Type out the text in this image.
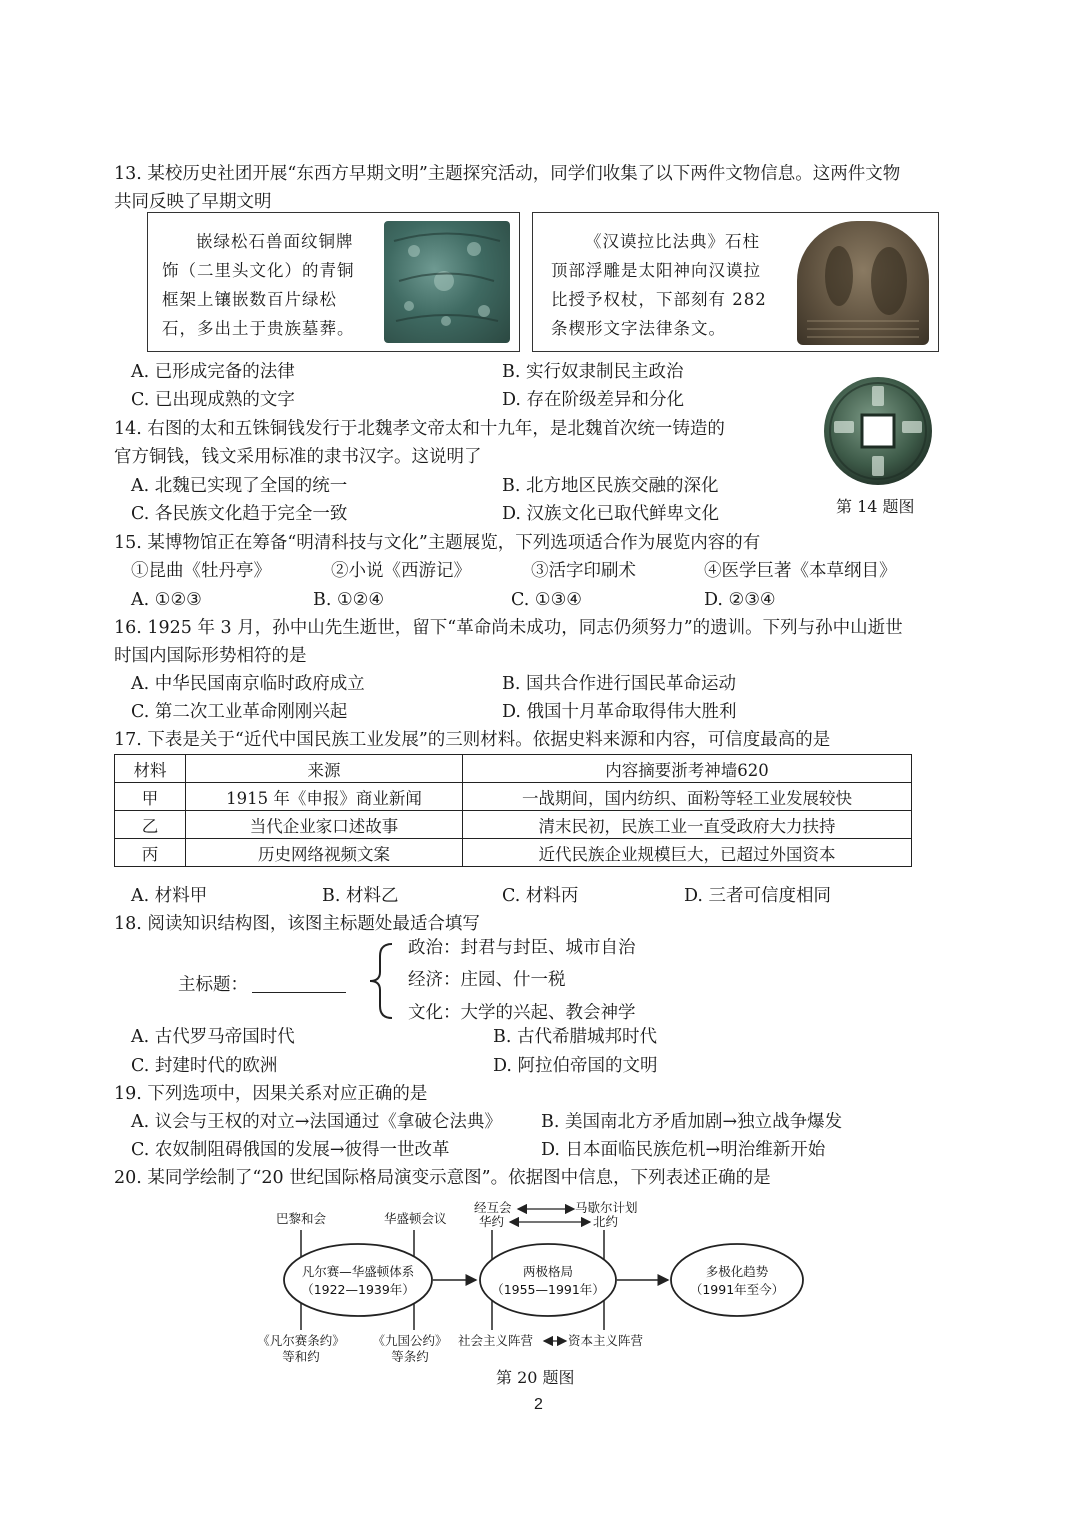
13. 某校历史社团开展“东西方早期文明”主题探究活动，同学们收集了以下两件文物信息。这两件文物
共同反映了早期文明
嵌绿松石兽面纹铜牌
饰（二里头文化）的青铜
框架上镶嵌数百片绿松
石，多出土于贵族墓葬。
《汉谟拉比法典》石柱
顶部浮雕是太阳神向汉谟拉
比授予权杖，下部刻有 282
条楔形文字法律条文。
A. 已形成完备的法律	B. 实行奴隶制民主政治
C. 已出现成熟的文字	D. 存在阶级差异和分化
14. 右图的太和五铢铜钱发行于北魏孝文帝太和十九年，是北魏首次统一铸造的
官方铜钱，钱文采用标准的隶书汉字。这说明了
A. 北魏已实现了全国的统一	B. 北方地区民族交融的深化
C. 各民族文化趋于完全一致	D. 汉族文化已取代鲜卑文化	第 14 题图
15. 某博物馆正在筹备“明清科技与文化”主题展览，下列选项适合作为展览内容的有
①昆曲《牡丹亭》	②小说《西游记》	③活字印刷术	④医学巨著《本草纲目》
A. ①②③	B. ①②④	C. ①③④	D. ②③④
16. 1925 年 3 月，孙中山先生逝世，留下“革命尚未成功，同志仍须努力”的遗训。下列与孙中山逝世
时国内国际形势相符的是
A. 中华民国南京临时政府成立	B. 国共合作进行国民革命运动
C. 第二次工业革命刚刚兴起	D. 俄国十月革命取得伟大胜利
17. 下表是关于“近代中国民族工业发展”的三则材料。依据史料来源和内容，可信度最高的是
材料	来源	内容摘要浙考神墙620
甲	1915 年《申报》商业新闻	一战期间，国内纺织、面粉等轻工业发展较快
乙	当代企业家口述故事	清末民初，民族工业一直受政府大力扶持
丙	历史网络视频文案	近代民族企业规模巨大，已超过外国资本
A. 材料甲	B. 材料乙	C. 材料丙	D. 三者可信度相同
18. 阅读知识结构图，该图主标题处最适合填写
主标题：
政治：封君与封臣、城市自治
经济：庄园、什一税
文化：大学的兴起、教会神学
A. 古代罗马帝国时代	B. 古代希腊城邦时代
C. 封建时代的欧洲	D. 阿拉伯帝国的文明
19. 下列选项中，因果关系对应正确的是
A. 议会与王权的对立→法国通过《拿破仑法典》 B. 美国南北方矛盾加剧→独立战争爆发
C. 农奴制阻碍俄国的发展→彼得一世改革	D. 日本面临民族危机→明治维新开始
20. 某同学绘制了“20 世纪国际格局演变示意图”。依据图中信息，下列表述正确的是
巴黎和会	华盛顿会议
经互会	马歇尔计划
华约	北约
凡尔赛—华盛顿体系
（1922—1939年）
两极格局
（1955—1991年）
多极化趋势
（1991年至今）
《凡尔赛条约》
等和约
《九国公约》
等条约
社会主义阵营	资本主义阵营
第 20 题图
2
